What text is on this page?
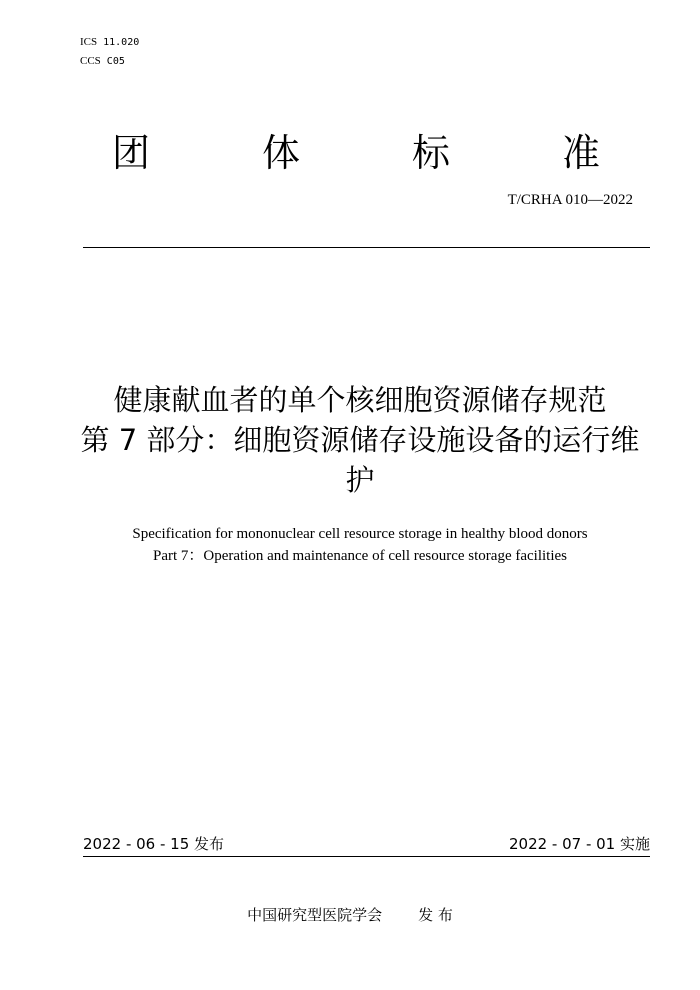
ICS 11.020
CCS C05
团	体	标	准
T/CRHA 010—2022
健康献血者的单个核细胞资源储存规范
第 7 部分：细胞资源储存设施设备的运行维
护
Specification for mononuclear cell resource storage in healthy blood donors
Part 7：Operation and maintenance of cell resource storage facilities
2022 - 06 - 15 发布	2022 - 07 - 01 实施
中国研究型医院学会 发 布
